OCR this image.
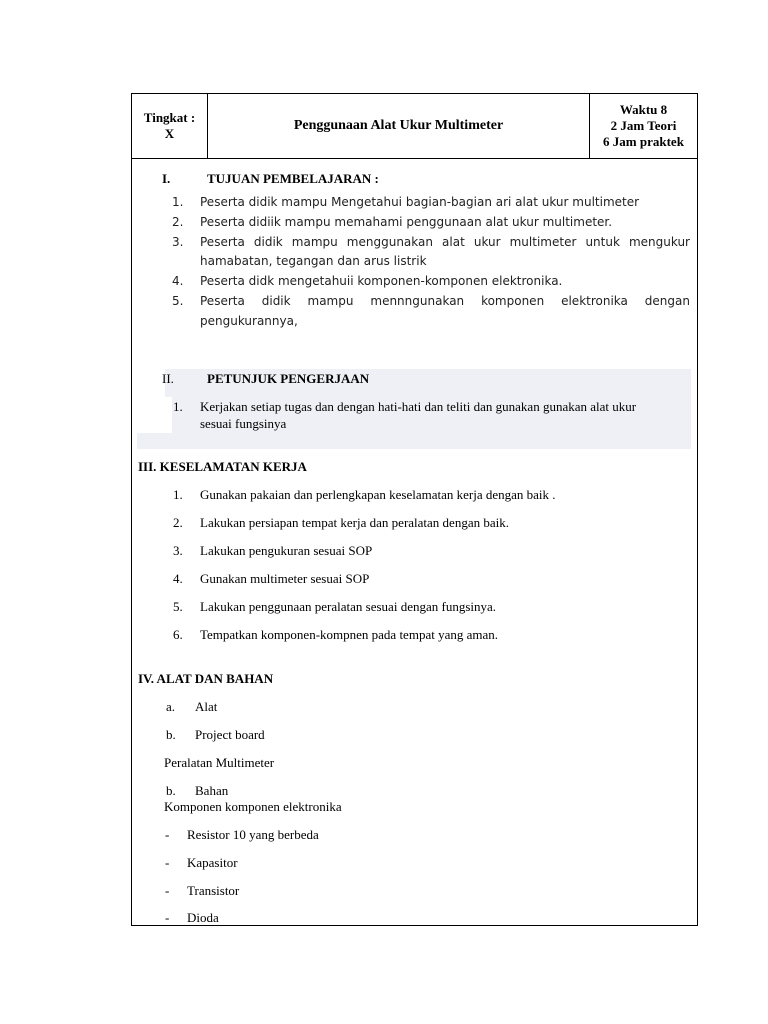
Tingkat :
X
Penggunaan Alat Ukur Multimeter
Waktu 8
2 Jam Teori
6 Jam praktek
I.	TUJUAN PEMBELAJARAN :
1. Peserta didik mampu Mengetahui bagian-bagian ari alat ukur multimeter
2. Peserta didiik mampu memahami penggunaan alat ukur multimeter.
3. Peserta didik mampu menggunakan alat ukur multimeter untuk mengukur
hamabatan, tegangan dan arus listrik
4. Peserta didk mengetahuii komponen-komponen elektronika.
5. Peserta didik mampu mennngunakan komponen elektronika dengan
pengukurannya,
II.	PETUNJUK PENGERJAAN
1. Kerjakan setiap tugas dan dengan hati-hati dan teliti dan gunakan gunakan alat ukur
sesuai fungsinya
III. KESELAMATAN KERJA
1. Gunakan pakaian dan perlengkapan keselamatan kerja dengan baik .
2. Lakukan persiapan tempat kerja dan peralatan dengan baik.
3. Lakukan pengukuran sesuai SOP
4. Gunakan multimeter sesuai SOP
5. Lakukan penggunaan peralatan sesuai dengan fungsinya.
6. Tempatkan komponen-kompnen pada tempat yang aman.
IV. ALAT DAN BAHAN
a. Alat
b. Project board
Peralatan Multimeter
b. Bahan
Komponen komponen elektronika
- Resistor 10 yang berbeda
- Kapasitor
- Transistor
- Dioda
